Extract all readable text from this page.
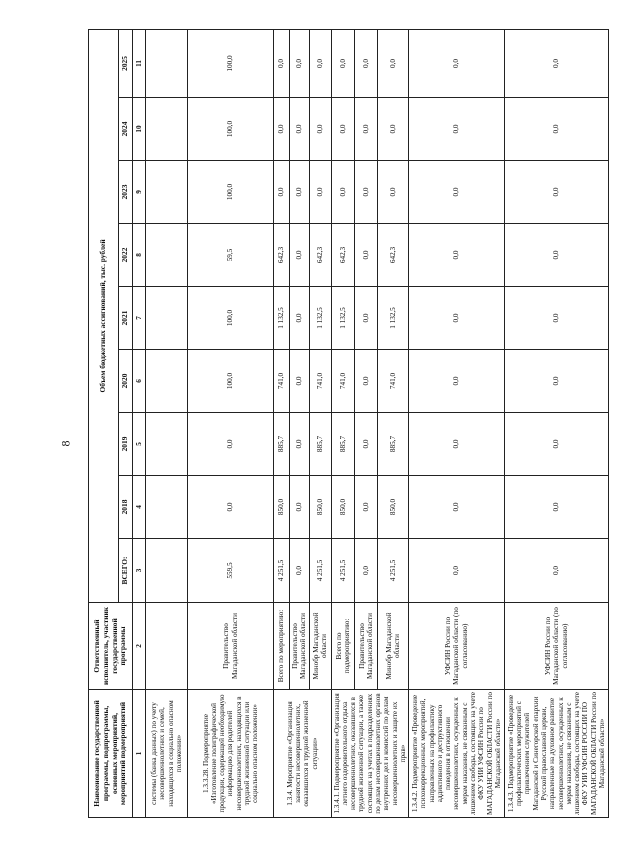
8
Наименование государственной программы, подпрограммы, основных мероприятий, мероприятий подмероприятий	Ответственный исполнитель, участник государственной программы	Объем бюджетных ассигнований, тыс. рублей								
		ВСЕГО:	2018	2019	2020	2021	2022	2023	2024	2025
1	2	3	4	5	6	7	8	9	10	11
системы (банка данных) по учету несовершеннолетних и семей, находящихся в социально опасном положении»										
1.3.3.28. Подмероприятие «Изготовление полиграфической продукции, содержащей необходимую информацию для родителей несовершеннолетних, находящихся в трудной жизненной ситуации или социально опасном положении»	Правительство Магаданской области	559,5	0,0	0,0	100,0	100,0	59,5	100,0	100,0	100,0
1.3.4. Мероприятие «Организация занятости несовершеннолетних, оказавшихся в трудной жизненной ситуации»	Всего по мероприятию:	4 251,5	850,0	885,7	741,0	1 132,5	642,3	0,0	0,0	0,0
	Правительство Магаданской области	0,0	0,0	0,0	0,0	0,0	0,0	0,0	0,0	0,0
	Минобр Магаданской области	4 251,5	850,0	885,7	741,0	1 132,5	642,3	0,0	0,0	0,0
1.3.4.1. Подмероприятие «Организация летнего оздоровительного отдыха несовершеннолетних, оказавшихся в трудной жизненной ситуации, а также состоящих на учетах в подразделениях по делам несовершеннолетних органов внутренних дел и комиссий по делам несовершеннолетних и защите их прав»	Всего по подмероприятию:	4 251,5	850,0	885,7	741,0	1 132,5	642,3	0,0	0,0	0,0
	Правительство Магаданской области	0,0	0,0	0,0	0,0	0,0	0,0	0,0	0,0	0,0
	Минобр Магаданской области	4 251,5	850,0	885,7	741,0	1 132,5	642,3	0,0	0,0	0,0
1.3.4.2. Подмероприятие «Проведение психокоррекционных мероприятий, направленных на профилактику аддиктивного и деструктивного поведения в отношении несовершеннолетних, осужденных к мерам наказания, не связанным с лишением свободы, состоящих на учете ФКУ УИИ УФСИН России по МАГАДАНСКОЙ ОБЛАСТИ России по Магаданской области»	УФСИН России по Магаданской области (по согласованию)	0,0	0,0	0,0	0,0	0,0	0,0	0,0	0,0	0,0
1.3.4.3. Подмероприятие «Проведение профилактических мероприятий с привлечением служителей Магаданской и Синегорской епархии Русской православной церкви, направленные на духовное развитие несовершеннолетних, осужденных к мерам наказания, не связанным с лишением свободы, состоящих на учете ФКУ УИИ УФСИН РОССИИ ПО МАГАДАНСКОЙ ОБЛАСТИ России по Магаданской области»	УФСИН России по Магаданской области (по согласованию)	0,0	0,0	0,0	0,0	0,0	0,0	0,0	0,0	0,0
